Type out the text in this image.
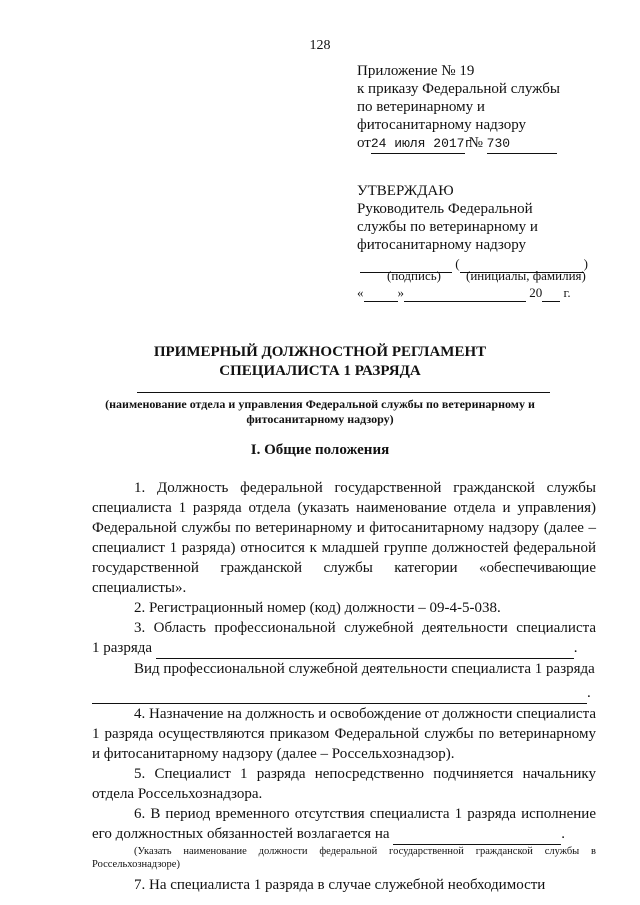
128
Приложение № 19
к приказу Федеральной службы
по ветеринарному и
фитосанитарному надзору
от24 июля 2017г № 730
УТВЕРЖДАЮ
Руководитель Федеральной
службы по ветеринарному и
фитосанитарному надзору
(	)
(подпись) (инициалы, фамилия)
«	»	20 г.
ПРИМЕРНЫЙ ДОЛЖНОСТНОЙ РЕГЛАМЕНТ
СПЕЦИАЛИСТА 1 РАЗРЯДА
(наименование отдела и управления Федеральной службы по ветеринарному и
фитосанитарному надзору)
I. Общие положения

1. Должность федеральной государственной гражданской службы специалиста 1 разряда отдела (указать наименование отдела и управления) Федеральной службы по ветеринарному и фитосанитарному надзору (далее – специалист 1 разряда) относится к младшей группе должностей федеральной государственной гражданской службы категории «обеспечивающие специалисты».

2. Регистрационный номер (код) должности – 09-4-5-038.

3. Область профессиональной служебной деятельности специалиста

1 разряда	.

Вид профессиональной служебной деятельности специалиста 1 разряда

.

4. Назначение на должность и освобождение от должности специалиста 1 разряда осуществляются приказом Федеральной службы по ветеринарному и фитосанитарному надзору (далее – Россельхознадзор).

5. Специалист 1 разряда непосредственно подчиняется начальнику отдела Россельхознадзора.

6. В период временного отсутствия специалиста 1 разряда исполнение его должностных обязанностей возлагается на	.

(Указать наименование должности федеральной государственной гражданской службы в Россельхознадзоре)

7. На специалиста 1 разряда в случае служебной необходимости
